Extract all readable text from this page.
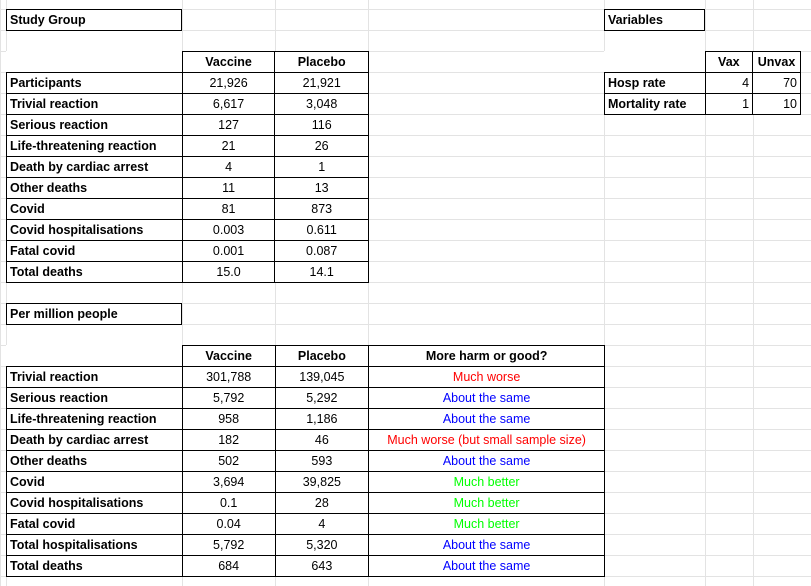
Study Group
	Vaccine	Placebo
Participants	21,926	21,921
Trivial reaction	6,617	3,048
Serious reaction	127	116
Life-threatening reaction	21	26
Death by cardiac arrest	4	1
Other deaths	11	13
Covid	81	873
Covid hospitalisations	0.003	0.611
Fatal covid	0.001	0.087
Total deaths	15.0	14.1
Variables
	Vax	Unvax
Hosp rate	4	70
Mortality rate	1	10
Per million people
	Vaccine	Placebo	More harm or good?
Trivial reaction	301,788	139,045	Much worse
Serious reaction	5,792	5,292	About the same
Life-threatening reaction	958	1,186	About the same
Death by cardiac arrest	182	46	Much worse (but small sample size)
Other deaths	502	593	About the same
Covid	3,694	39,825	Much better
Covid hospitalisations	0.1	28	Much better
Fatal covid	0.04	4	Much better
Total hospitalisations	5,792	5,320	About the same
Total deaths	684	643	About the same
